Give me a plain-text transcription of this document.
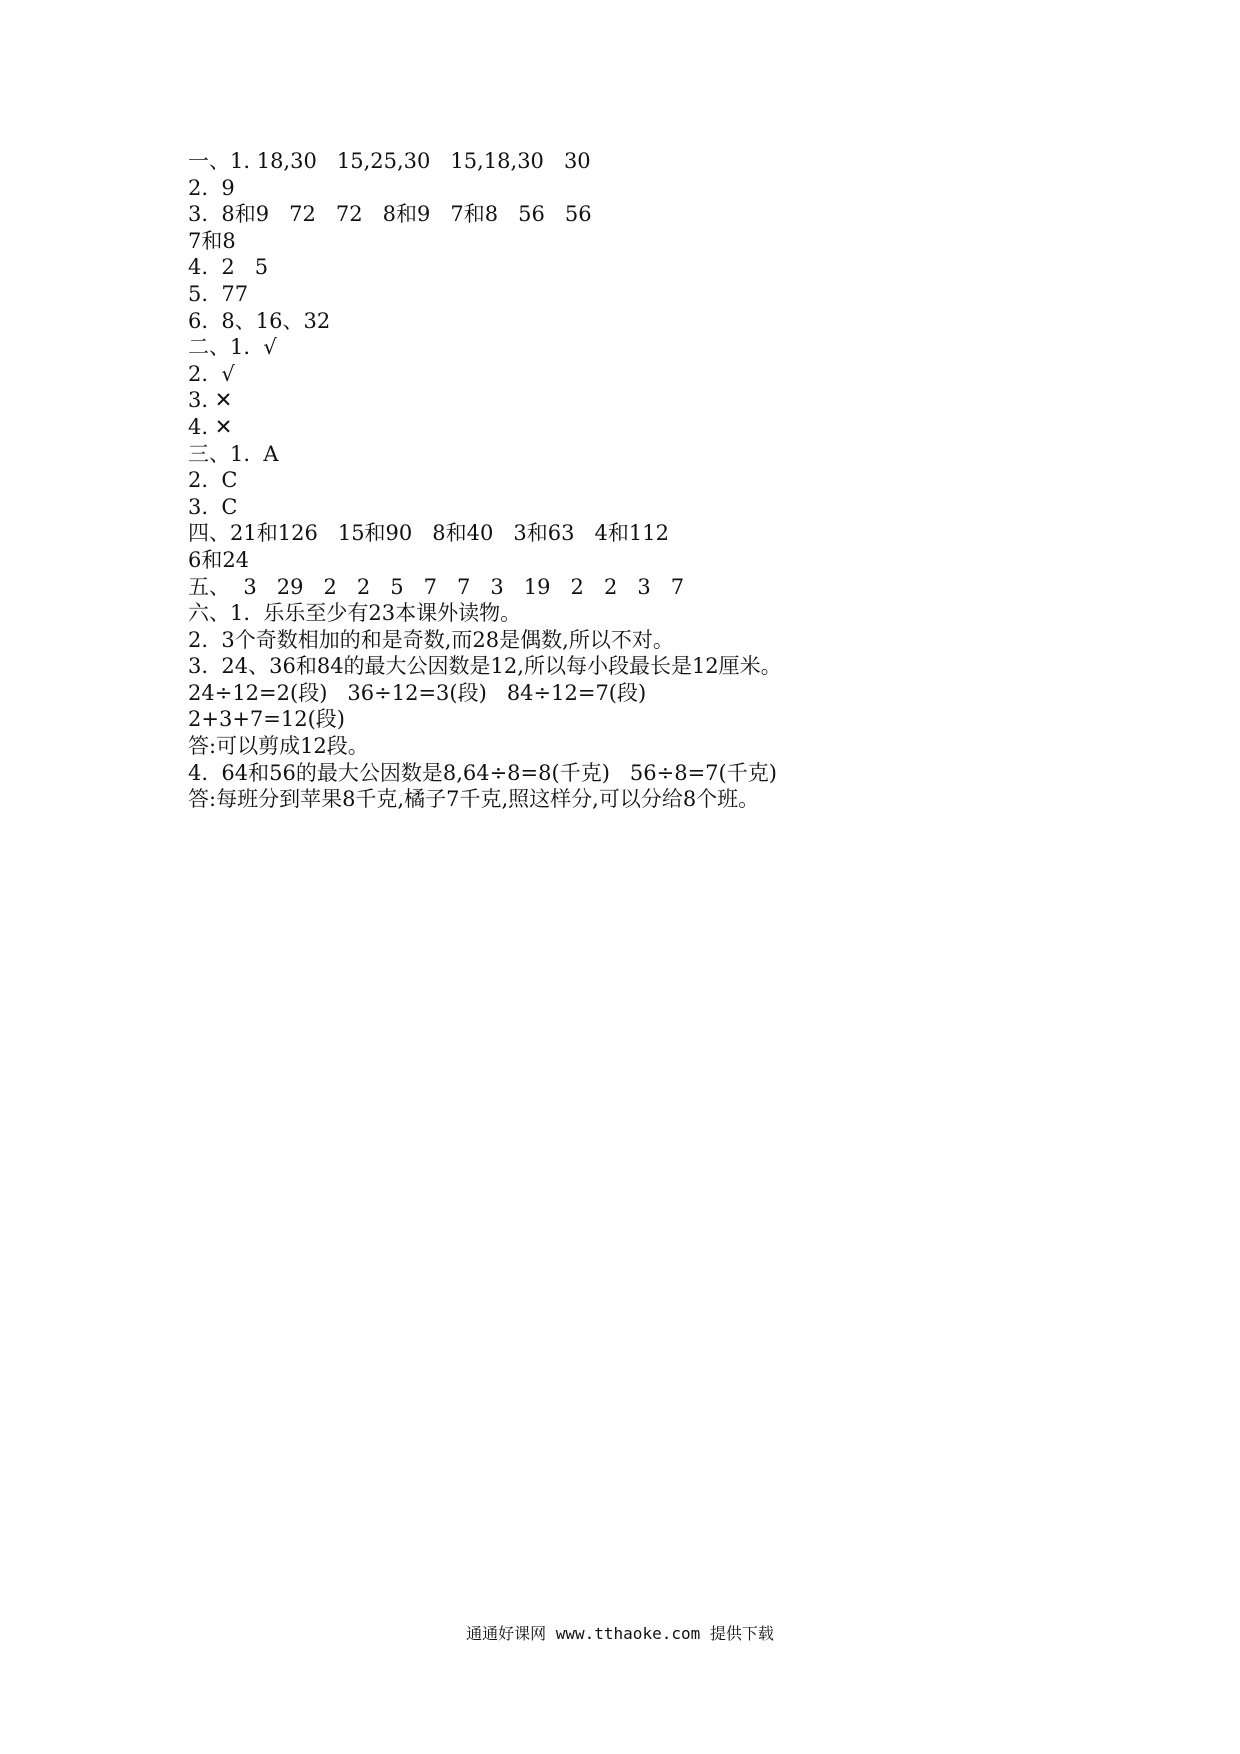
一、1. 18,30   15,25,30   15,18,30   30
2.  9
3.  8和9   72   72   8和9   7和8   56   56
7和8
4.  2   5
5.  77
6.  8、16、32
二、1.  √
2.  √
3. ✕
4. ✕
三、1.  A
2.  C
3.  C
四、21和126   15和90   8和40   3和63   4和112
6和24
五、  3   29   2   2   5   7   7   3   19   2   2   3   7
六、1.  乐乐至少有23本课外读物。
2.  3个奇数相加的和是奇数,而28是偶数,所以不对。
3.  24、36和84的最大公因数是12,所以每小段最长是12厘米。
24÷12=2(段)   36÷12=3(段)   84÷12=7(段)
2+3+7=12(段)
答:可以剪成12段。
4.  64和56的最大公因数是8,64÷8=8(千克)   56÷8=7(千克)
答:每班分到苹果8千克,橘子7千克,照这样分,可以分给8个班。
通通好课网 www.tthaoke.com 提供下载
